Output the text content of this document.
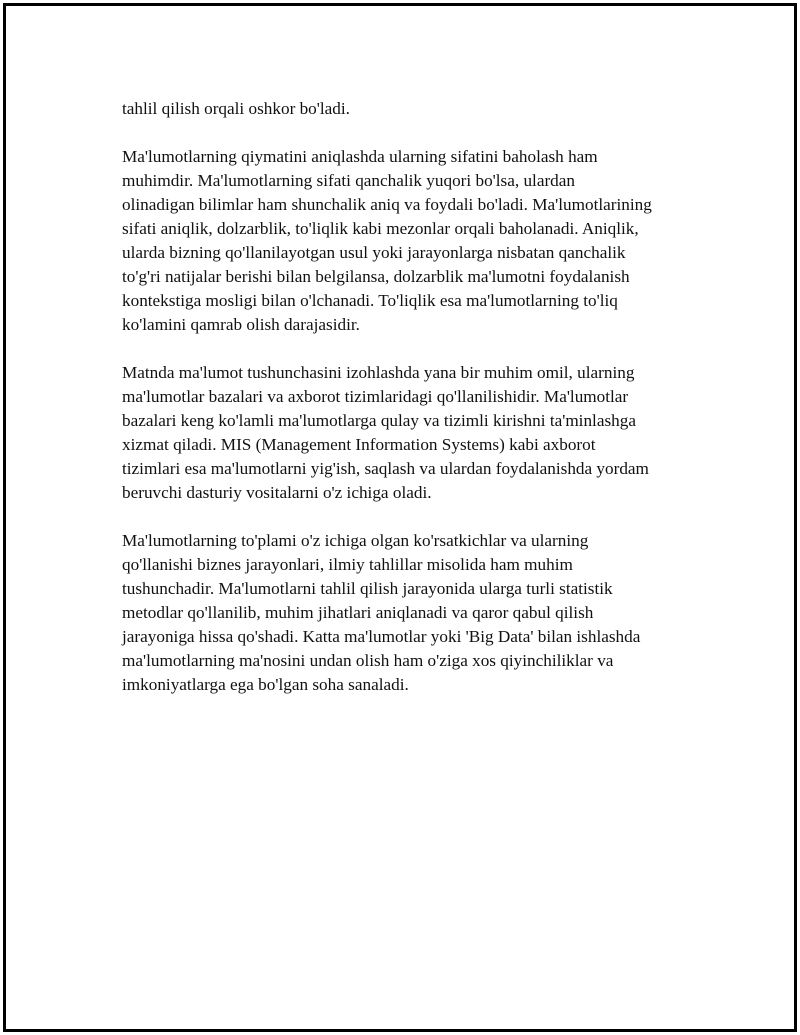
tahlil qilish orqali oshkor bo'ladi.

Ma'lumotlarning qiymatini aniqlashda ularning sifatini baholash ham
muhimdir. Ma'lumotlarning sifati qanchalik yuqori bo'lsa, ulardan
olinadigan bilimlar ham shunchalik aniq va foydali bo'ladi. Ma'lumotlarining
sifati aniqlik, dolzarblik, to'liqlik kabi mezonlar orqali baholanadi. Aniqlik,
ularda bizning qo'llanilayotgan usul yoki jarayonlarga nisbatan qanchalik
to'g'ri natijalar berishi bilan belgilansa, dolzarblik ma'lumotni foydalanish
kontekstiga mosligi bilan o'lchanadi. To'liqlik esa ma'lumotlarning to'liq
ko'lamini qamrab olish darajasidir.

Matnda ma'lumot tushunchasini izohlashda yana bir muhim omil, ularning
ma'lumotlar bazalari va axborot tizimlaridagi qo'llanilishidir. Ma'lumotlar
bazalari keng ko'lamli ma'lumotlarga qulay va tizimli kirishni ta'minlashga
xizmat qiladi. MIS (Management Information Systems) kabi axborot
tizimlari esa ma'lumotlarni yig'ish, saqlash va ulardan foydalanishda yordam
beruvchi dasturiy vositalarni o'z ichiga oladi.

Ma'lumotlarning to'plami o'z ichiga olgan ko'rsatkichlar va ularning
qo'llanishi biznes jarayonlari, ilmiy tahlillar misolida ham muhim
tushunchadir. Ma'lumotlarni tahlil qilish jarayonida ularga turli statistik
metodlar qo'llanilib, muhim jihatlari aniqlanadi va qaror qabul qilish
jarayoniga hissa qo'shadi. Katta ma'lumotlar yoki 'Big Data' bilan ishlashda
ma'lumotlarning ma'nosini undan olish ham o'ziga xos qiyinchiliklar va
imkoniyatlarga ega bo'lgan soha sanaladi.
